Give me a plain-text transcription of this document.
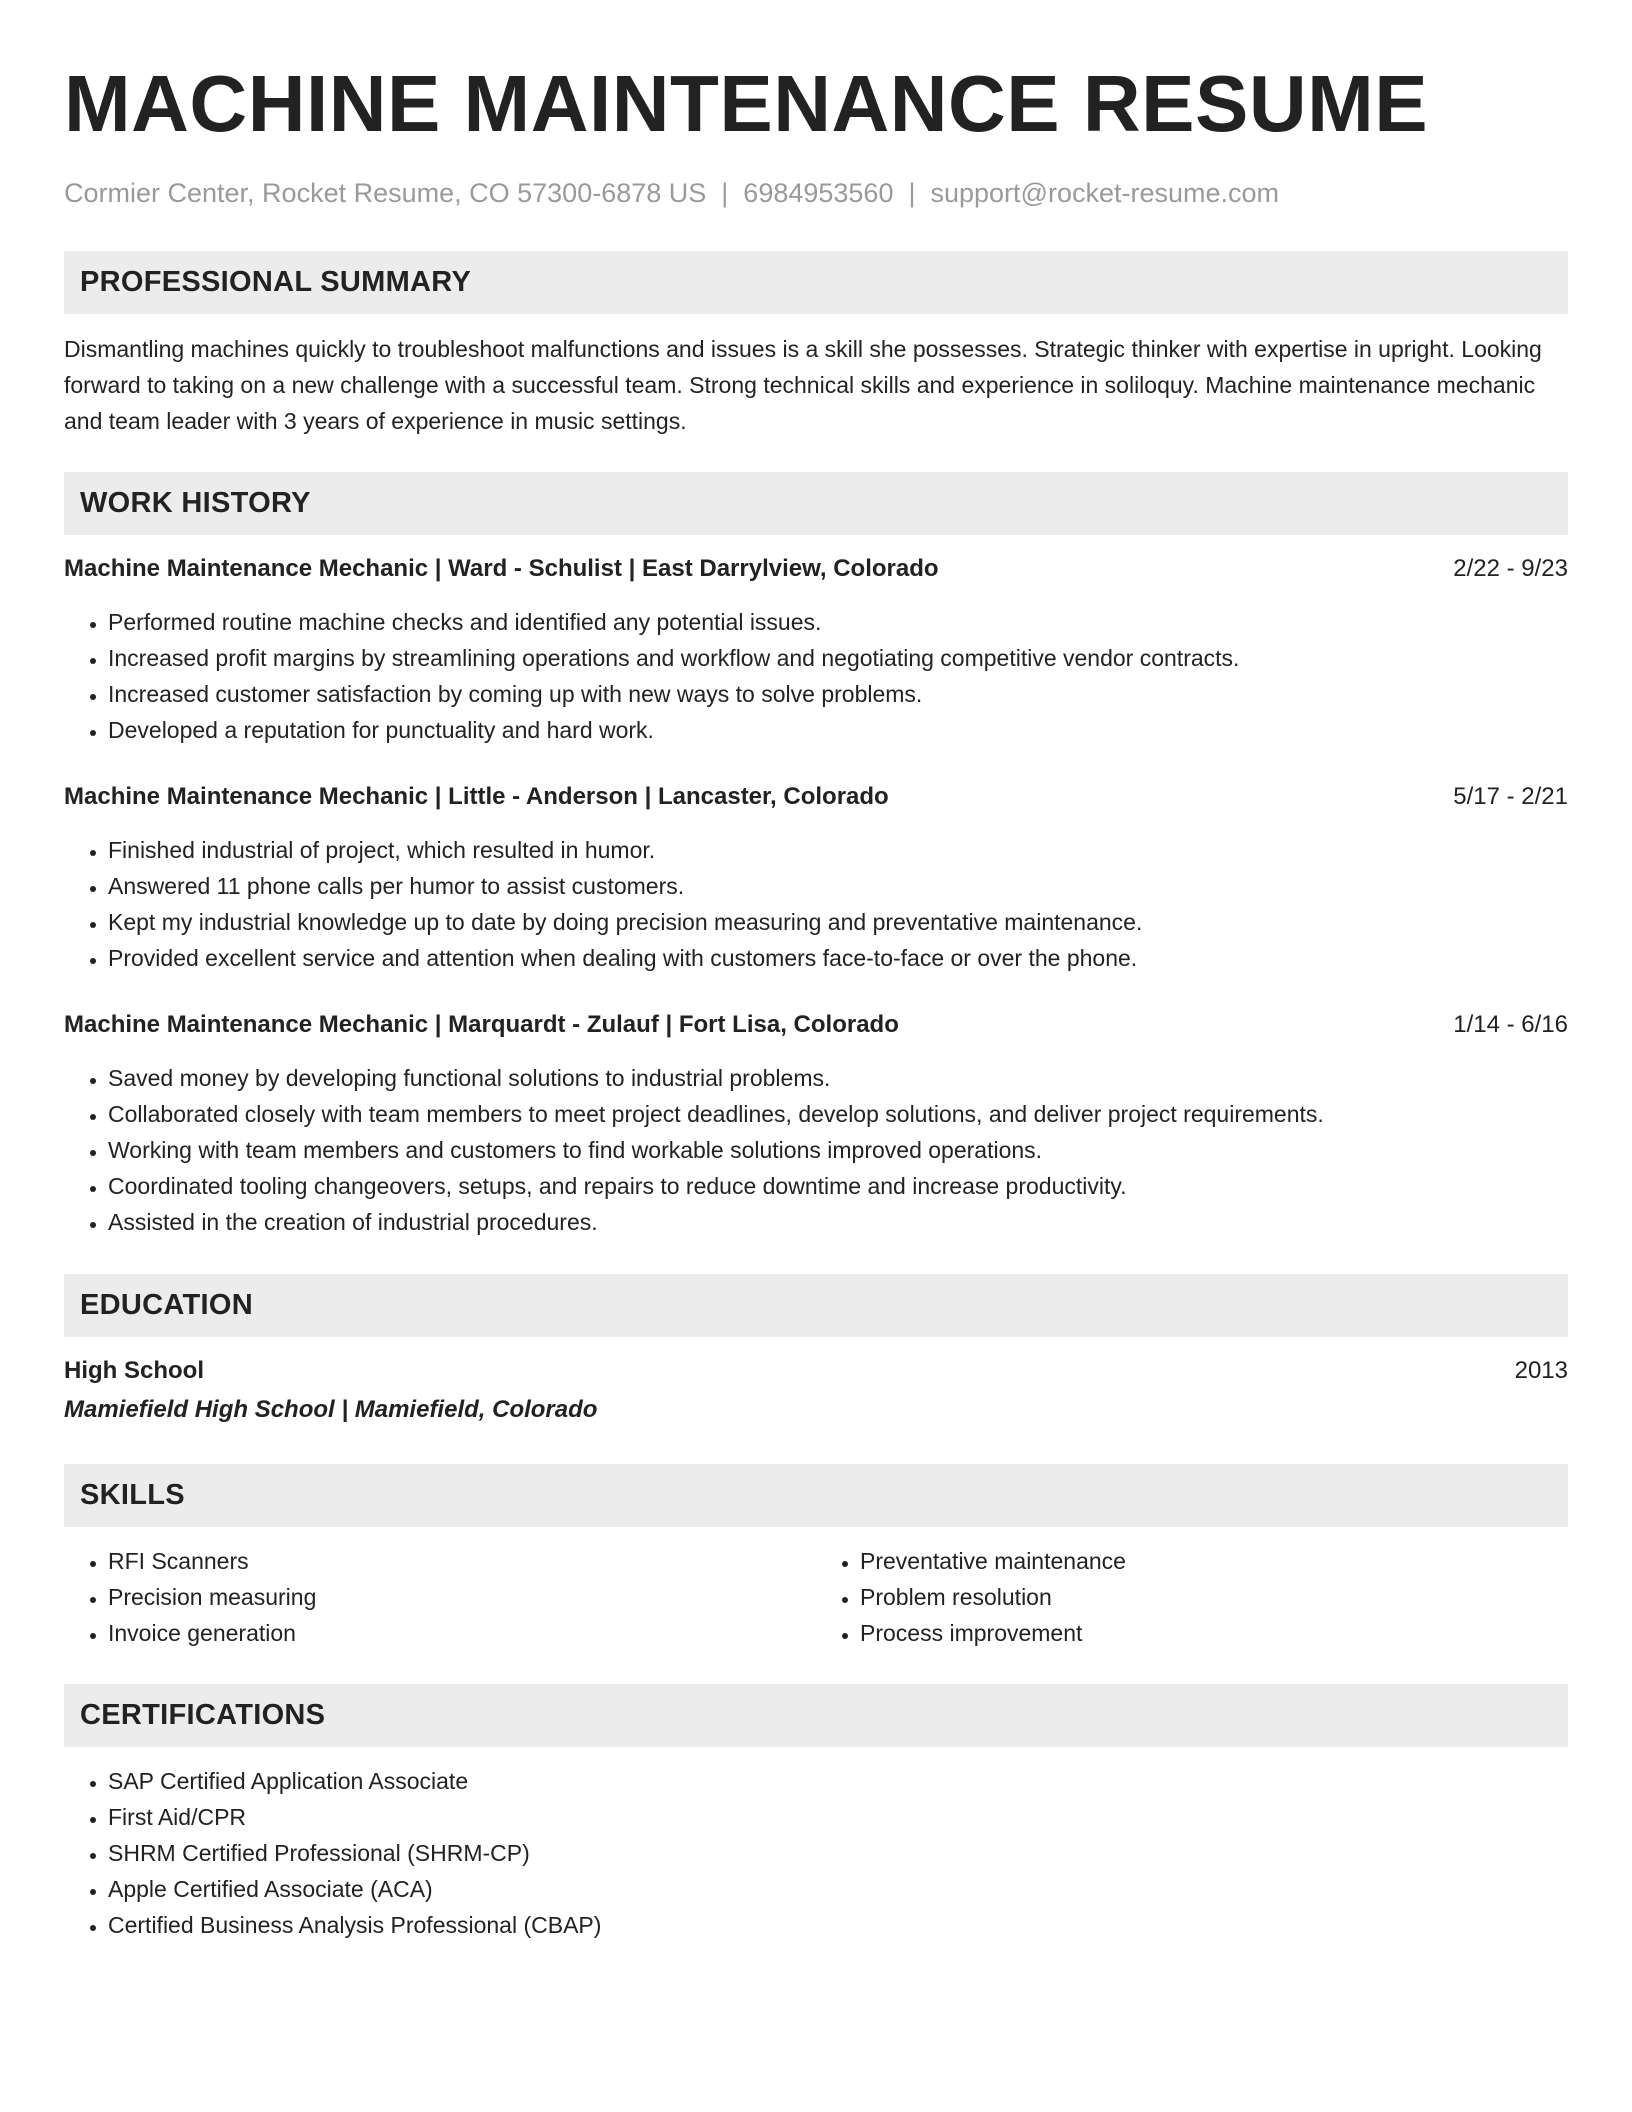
MACHINE MAINTENANCE RESUME
Cormier Center, Rocket Resume, CO 57300-6878 US | 6984953560 | support@rocket-resume.com
PROFESSIONAL SUMMARY

Dismantling machines quickly to troubleshoot malfunctions and issues is a skill she possesses. Strategic thinker with expertise in upright. Looking forward to taking on a new challenge with a successful team. Strong technical skills and experience in soliloquy. Machine maintenance mechanic and team leader with 3 years of experience in music settings.

WORK HISTORY
Machine Maintenance Mechanic | Ward - Schulist | East Darrylview, Colorado	2/22 - 9/23
• Performed routine machine checks and identified any potential issues.
• Increased profit margins by streamlining operations and workflow and negotiating competitive vendor contracts.
• Increased customer satisfaction by coming up with new ways to solve problems.
• Developed a reputation for punctuality and hard work.
Machine Maintenance Mechanic | Little - Anderson | Lancaster, Colorado	5/17 - 2/21
• Finished industrial of project, which resulted in humor.
• Answered 11 phone calls per humor to assist customers.
• Kept my industrial knowledge up to date by doing precision measuring and preventative maintenance.
• Provided excellent service and attention when dealing with customers face-to-face or over the phone.
Machine Maintenance Mechanic | Marquardt - Zulauf | Fort Lisa, Colorado	1/14 - 6/16
• Saved money by developing functional solutions to industrial problems.
• Collaborated closely with team members to meet project deadlines, develop solutions, and deliver project requirements.
• Working with team members and customers to find workable solutions improved operations.
• Coordinated tooling changeovers, setups, and repairs to reduce downtime and increase productivity.
• Assisted in the creation of industrial procedures.
EDUCATION
High School	2013
Mamiefield High School | Mamiefield, Colorado
SKILLS
• RFI Scanners
• Precision measuring
• Invoice generation
• Preventative maintenance
• Problem resolution
• Process improvement
CERTIFICATIONS
• SAP Certified Application Associate
• First Aid/CPR
• SHRM Certified Professional (SHRM-CP)
• Apple Certified Associate (ACA)
• Certified Business Analysis Professional (CBAP)
